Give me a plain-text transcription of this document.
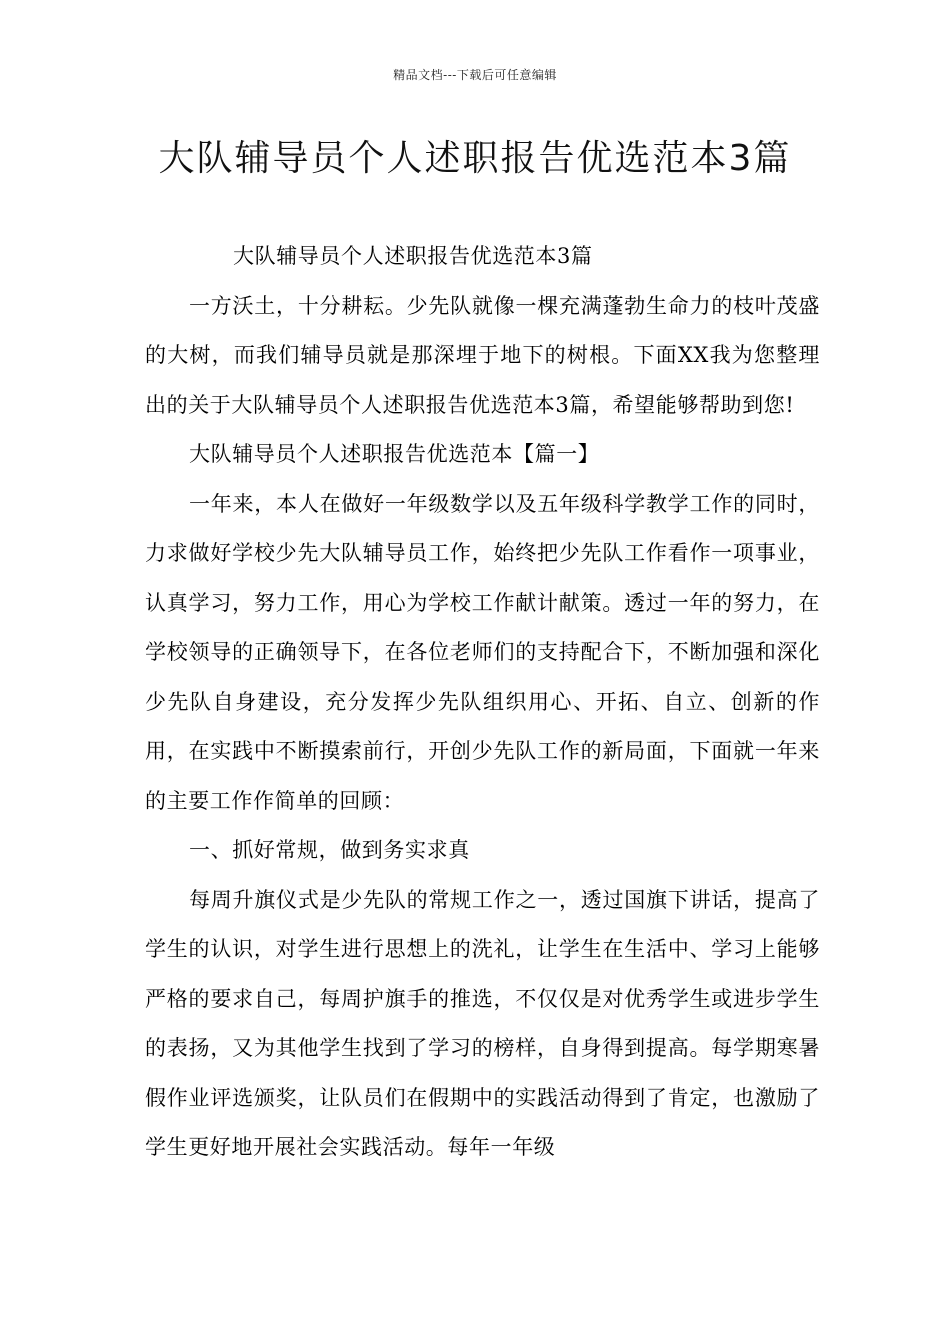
精品文档---下载后可任意编辑
大队辅导员个人述职报告优选范本3篇

大队辅导员个人述职报告优选范本3篇

一方沃土，十分耕耘。少先队就像一棵充满蓬勃生命力的枝叶茂盛的大树，而我们辅导员就是那深埋于地下的树根。下面XX我为您整理出的关于大队辅导员个人述职报告优选范本3篇，希望能够帮助到您!

大队辅导员个人述职报告优选范本【篇一】

一年来，本人在做好一年级数学以及五年级科学教学工作的同时，力求做好学校少先大队辅导员工作，始终把少先队工作看作一项事业，认真学习，努力工作，用心为学校工作献计献策。透过一年的努力，在学校领导的正确领导下，在各位老师们的支持配合下，不断加强和深化少先队自身建设，充分发挥少先队组织用心、开拓、自立、创新的作用，在实践中不断摸索前行，开创少先队工作的新局面，下面就一年来的主要工作作简单的回顾：

一、抓好常规，做到务实求真

每周升旗仪式是少先队的常规工作之一，透过国旗下讲话，提高了学生的认识，对学生进行思想上的洗礼，让学生在生活中、学习上能够严格的要求自己，每周护旗手的推选，不仅仅是对优秀学生或进步学生的表扬，又为其他学生找到了学习的榜样，自身得到提高。每学期寒暑假作业评选颁奖，让队员们在假期中的实践活动得到了肯定，也激励了学生更好地开展社会实践活动。每年一年级
